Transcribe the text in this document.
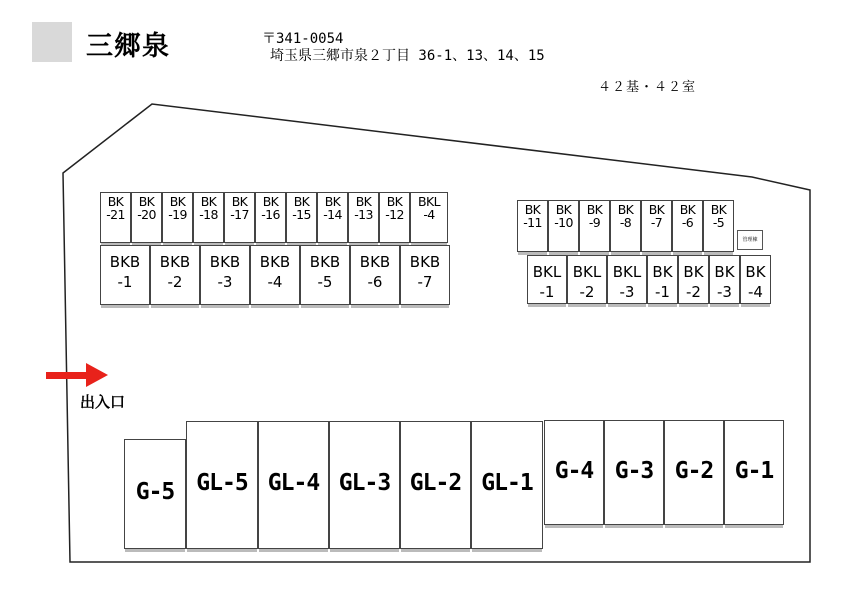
三郷泉	〒341-0054
埼玉県三郷市泉２丁目 36-1、13、14、15
４２基・４２室
出入口
管理棟
BK
-21
BK
-20
BK
-19
BK
-18
BK
-17
BK
-16
BK
-15
BK
-14
BK
-13
BK
-12
BKL
-4
BKB
-1
BKB
-2
BKB
-3
BKB
-4
BKB
-5
BKB
-6
BKB
-7
BK
-11
BK
-10
BK
-9
BK
-8
BK
-7
BK
-6
BK
-5
BKL
-1
BKL
-2
BKL
-3
BK
-1
BK
-2
BK
-3
BK
-4
G-5 GL-5 GL-4 GL-3 GL-2 GL-1 G-4 G-3 G-2 G-1
